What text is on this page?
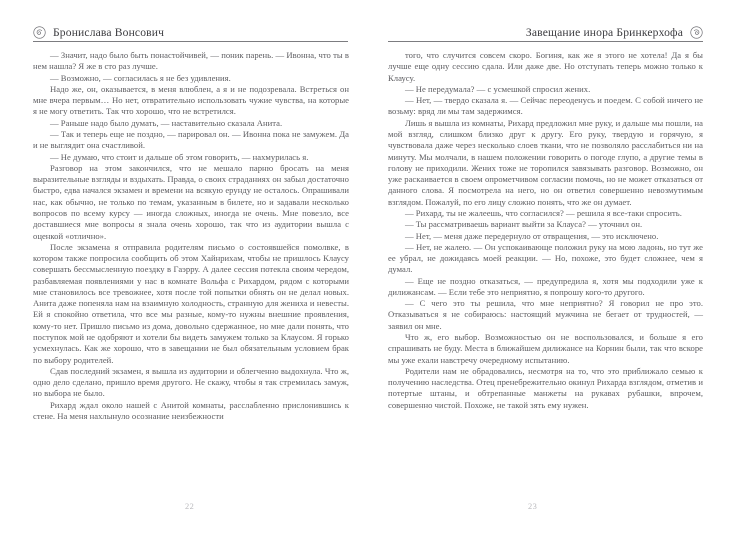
Бронислава Вонсович

— Значит, надо было быть понастойчивей, — поник парень. — Ивонна, что ты в нем нашла? Я же в сто раз лучше.

— Возможно, — согласилась я не без удивления.

Надо же, он, оказывается, в меня влюблен, а я и не подозревала. Встреться он мне вчера первым… Но нет, отвратительно использовать чужие чувства, на которые я не могу ответить. Так что хорошо, что не встретился.

— Раньше надо было думать, — наставительно сказала Анита.

— Так и теперь еще не поздно, — парировал он. — Ивонна пока не замужем. Да и не выглядит она счастливой.

— Не думаю, что стоит и дальше об этом говорить, — нахмурилась я.

Разговор на этом закончился, что не мешало парню бросать на меня выразительные взгляды и вздыхать. Правда, о своих страданиях он забыл достаточно быстро, едва начался экзамен и времени на всякую ерунду не осталось. Опрашивали нас, как обычно, не только по темам, указанным в билете, но и задавали несколько вопросов по всему курсу — иногда сложных, иногда не очень. Мне повезло, все доставшиеся мне вопросы я знала очень хорошо, так что из аудитории вышла с оценкой «отлично».

После экзамена я отправила родителям письмо о состоявшейся помолвке, в котором также попросила сообщить об этом Хайнрихам, чтобы не пришлось Клаусу совершать бессмысленную поездку в Гаэрру. А далее сессия потекла своим чередом, разбавляемая появлениями у нас в комнате Вольфа с Рихардом, рядом с которыми мне становилось все тревожнее, хотя после той попытки обнять он не делал новых. Анита даже попеняла нам на взаимную холодность, странную для жениха и невесты. Ей я спокойно ответила, что все мы разные, кому-то нужны внешние проявления, кому-то нет. Пришло письмо из дома, довольно сдержанное, но мне дали понять, что поступок мой не одобряют и хотели бы видеть замужем только за Клаусом. Я горько усмехнулась. Как же хорошо, что в завещании не был обязательным условием брак по выбору родителей.

Сдав последний экзамен, я вышла из аудитории и облегченно выдохнула. Что ж, одно дело сделано, пришло время другого. Не скажу, чтобы я так стремилась замуж, но выбора не было.

Рихард ждал около нашей с Анитой комнаты, расслабленно прислонившись к стене. На меня нахлынуло осознание неизбежности

22
Завещание инора Бринкерхофа

того, что случится совсем скоро. Богиня, как же я этого не хотела! Да я бы лучше еще одну сессию сдала. Или даже две. Но отступать теперь можно только к Клаусу.

— Не передумала? — с усмешкой спросил жених.

— Нет, — твердо сказала я. — Сейчас переоденусь и поедем. С собой ничего не возьму: вряд ли мы там задержимся.

Лишь я вышла из комнаты, Рихард предложил мне руку, и дальше мы пошли, на мой взгляд, слишком близко друг к другу. Его руку, твердую и горячую, я чувствовала даже через несколько слоев ткани, что не позволяло расслабиться ни на минуту. Мы молчали, в нашем положении говорить о погоде глупо, а другие темы в голову не приходили. Жених тоже не торопился завязывать разговор. Возможно, он уже раскаивается в своем опрометчивом согласии помочь, но не может отказаться от данного слова. Я посмотрела на него, но он ответил совершенно невозмутимым взглядом. Пожалуй, по его лицу сложно понять, что же он думает.

— Рихард, ты не жалеешь, что согласился? — решила я все-таки спросить.

— Ты рассматриваешь вариант выйти за Клауса? — уточнил он.

— Нет, — меня даже передернуло от отвращения, — это исключено.

— Нет, не жалею. — Он успокаивающе положил руку на мою ладонь, но тут же ее убрал, не дожидаясь моей реакции. — Но, похоже, это будет сложнее, чем я думал.

— Еще не поздно отказаться, — предупредила я, хотя мы подходили уже к дилижансам. — Если тебе это неприятно, я попрошу кого-то другого.

— С чего это ты решила, что мне неприятно? Я говорил не про это. Отказываться я не собираюсь: настоящий мужчина не бегает от трудностей, — заявил он мне.

Что ж, его выбор. Возможностью он не воспользовался, и больше я его спрашивать не буду. Места в ближайшем дилижансе на Корнин были, так что вскоре мы уже ехали навстречу очередному испытанию.

Родители нам не обрадовались, несмотря на то, что это приближало семью к получению наследства. Отец пренебрежительно окинул Рихарда взглядом, отметив и потертые штаны, и обтрепанные манжеты на рукавах рубашки, впрочем, совершенно чистой. Похоже, не такой зять ему нужен.

23
